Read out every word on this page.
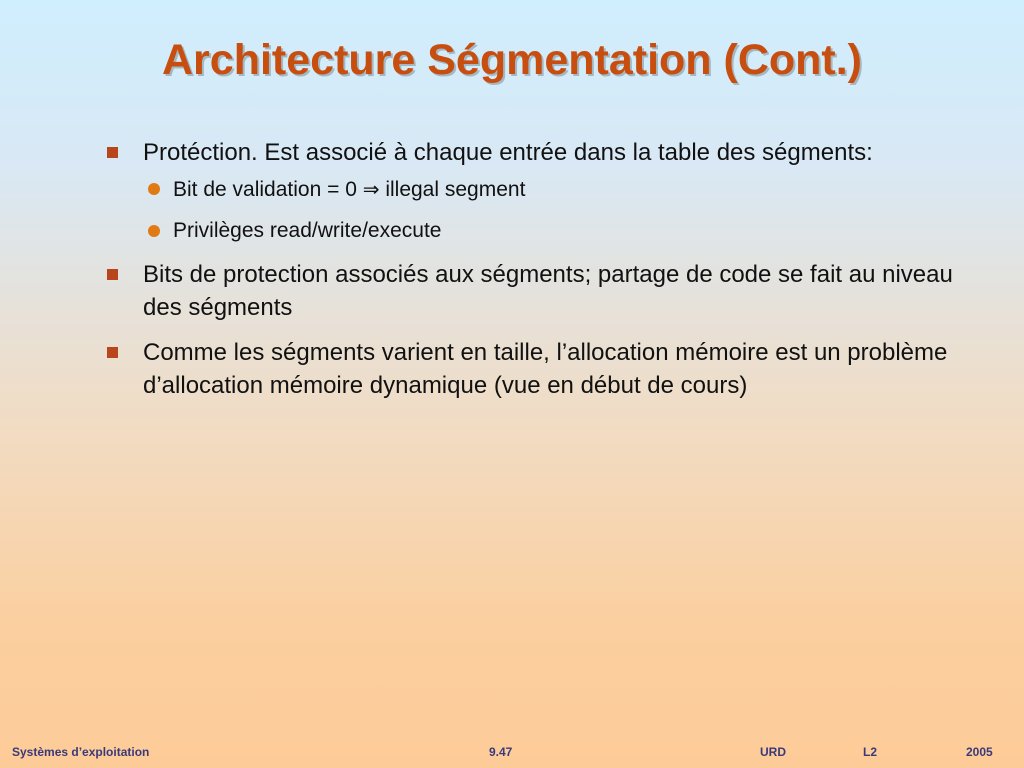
Architecture Ségmentation (Cont.)
Protéction. Est associé à chaque entrée dans la table des ségments:
Bit de validation = 0 ⇒ illegal segment
Privilèges read/write/execute
Bits de protection associés aux ségments; partage de code se fait au niveau des ségments
Comme les ségments varient en taille, l’allocation mémoire est un problème d’allocation mémoire dynamique (vue en début de cours)
Systèmes d’exploitation	9.47	URD	L2	2005
